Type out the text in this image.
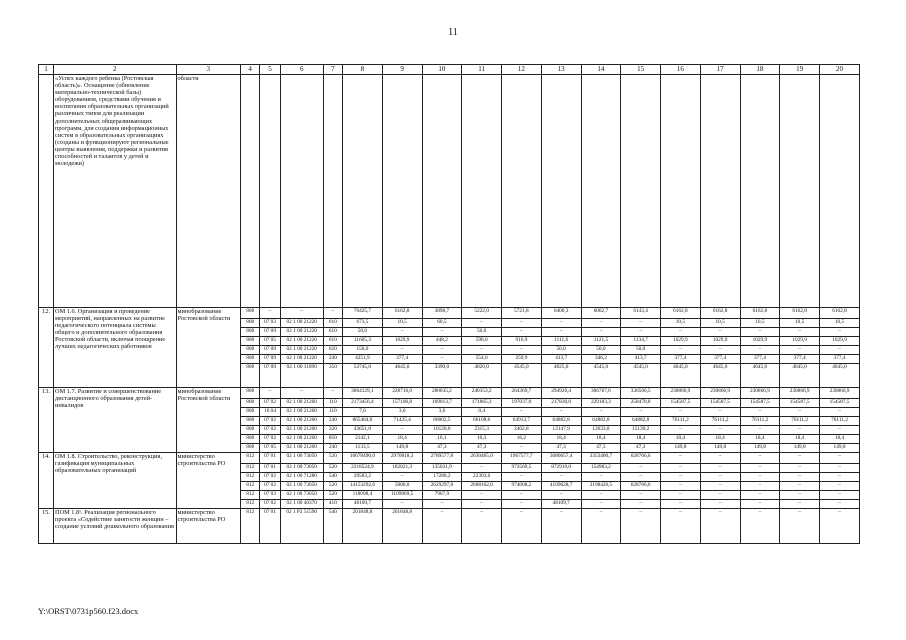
11
1	2	3	4	5	6	7	8	9	10	11	12	13	14	15	16	17	18	19	20
	«Успех каждого ребенка (Ростовская область)». Оснащение (обновление материально-технической базы) оборудованием, средствами обучения и воспитания образовательных организаций различных типов для реализации дополнительных общеразвивающих программ, для создания информационных систем в образовательных организациях (созданы и функционируют региональные центры выявления, поддержки и развития способностей и талантов у детей и молодежи)	области																	
12.	ОМ 1.6. Организация и проведение мероприятий, направленных на развитие педагогического потенциала системы общего и дополнительного образования Ростовской области, включая поощрение лучших педагогических работников	минобразование Ростовской области	808	–	–	–	70425,7	6162,8	3898,7	5222,0	5721,8	6400,3	6062,7	6143,4	6162,8	6162,8	6162,8	6162,8	6162,8
			808	07 03	02 1 00 21220	610	673,5	10,5	60,5	–	–	–	–	–	10,5	10,5	10,5	10,5	10,5
			808	07 09	02 1 00 21220	610	50,0	–	–	50,0	–	–	–	–	–	–	–	–	–
			808	07 05	02 1 00 21220	610	11605,3	1029,9	448,2	598,0	916,9	1111,6	1121,5	1134,7	1029,9	1029,9	1029,9	1029,9	1029,9
			808	07 09	02 1 00 21220	620	150,0	–	–	–	–	50,0	50,0	50,0	–	–	–	–	–
			808	07 09	02 1 00 21220	240	4251,9	377,4	–	554,0	259,9	413,7	346,2	413,7	377,4	377,4	377,4	377,4	377,4
			808	07 09	02 1 00 11090	350	53745,0	4645,0	3390,0	4020,0	4545,0	4825,0	4545,0	4545,0	4645,0	4645,0	4645,0	4645,0	4645,0
13.	ОМ 1.7. Развитие и совершенствование дистанционного образования детей-инвалидов	минобразование Ростовской области	808	–	–	–	3064129,1	228716,0	280035,2	240353,2	264369,7	294926,4	306767,6	336566,5	230866,9	230866,9	230866,9	230866,9	230866,9
			808	07 02	02 1 00 21260	110	2173456,4	157106,8	169013,7	171865,3	197037,0	217830,0	229183,3	258478,8	154587,5	154587,5	154587,5	154587,5	154587,5
			808	10 04	02 1 00 21260	110	7,6	3,6	3,6	0,4	–	–	–	–	–	–	–	–	–
			808	07 02	02 1 00 21260	240	865464,6	71435,4	68002,5	66108,6	64913,7	64882,8	64882,8	64882,8	76111,2	76111,2	76111,2	76111,2	76111,2
			808	07 02	02 1 00 21260	320	43651,0	–	10120,0	2315,3	2402,8	12147,9	12633,8	15139,2	–	–	–	–	–
			808	07 02	02 1 00 21260	850	2142,1	18,4	16,1	16,3	16,2	18,4	18,4	18,4	18,4	18,4	18,4	18,4	18,4
			808	07 05	02 1 00 21260	240	1133,5	149,8	47,3	47,3	–	47,3	47,3	47,3	149,8	149,8	149,8	149,8	149,8
14.	ОМ 1.8. Строительство, реконструкция, газификация муниципальных образовательных организаций	министерство строительства РО	812	07 01	02 1 00 73050	520	16678490,0	2970818,3	2789577,8	2630465,0	1967577,7	3080657,4	3353400,7	628766,6	–	–	–	–	–
			812	07 01	02 1 00 73050	520	2318524,9	182021,3	135031,9	–	973569,5	872919,0	154983,2	–	–	–	–	–	–
			812	07 02	02 1 00 71280	540	39583,2	–	17280,2	22303,0	–	–	–	–	–	–	–	–	–
			812	07 02	02 1 00 73050	520	14153292,6	5000,0	2629297,8	2608162,0	974008,2	4109628,7	3198426,5	628766,6	–	–	–	–	–
			812	07 03	02 1 00 73050	520	118098,4	1109969,5	7967,9	–	–	–	–	–	–	–	–	–	–
			812	07 02	02 1 00 40370	410	48109,7	–	–	–	–	48109,7	–	–	–	–	–	–	–
15.	ПОМ 1.8¹. Реализация регионального проекта «Содействие занятости женщин – создание условий дошкольного образования	министерство строительства РО	812	07 01	02 1 P2 51590	540	201848,8	201848,8	–	–	–	–	–	–	–	–	–	–	–
Y:\ORST\0731p560.f23.docx
